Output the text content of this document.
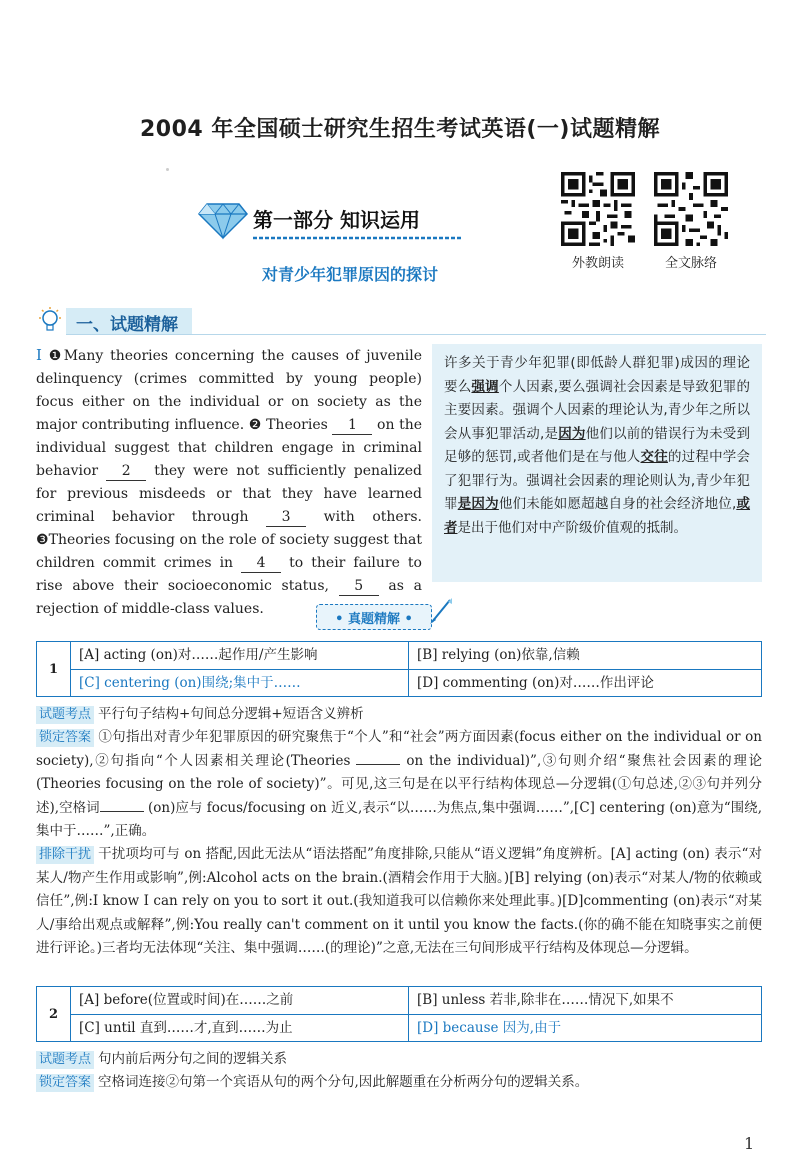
2004 年全国硕士研究生招生考试英语(一)试题精解
外教朗读	全文脉络
第一部分 知识运用
对青少年犯罪原因的探讨
一、试题精解
I ❶Many theories concerning the causes of juvenile delinquency (crimes committed by young people) focus either on the individual or on society as the major contributing influence. ❷ Theories 1 on the individual suggest that children engage in criminal behavior 2 they were not sufficiently penalized for previous misdeeds or that they have learned criminal behavior through 3 with others. ❸Theories focusing on the role of society suggest that children commit crimes in 4 to their failure to rise above their socioeconomic status, 5 as a rejection of middle-class values.
许多关于青少年犯罪(即低龄人群犯罪)成因的理论要么强调个人因素,要么强调社会因素是导致犯罪的主要因素。强调个人因素的理论认为,青少年之所以会从事犯罪活动,是因为他们以前的错误行为未受到足够的惩罚,或者他们是在与他人交往的过程中学会了犯罪行为。强调社会因素的理论则认为,青少年犯罪是因为他们未能如愿超越自身的社会经济地位,或者是出于他们对中产阶级价值观的抵制。
• 真题精解 •
1
[A] acting (on)对……起作用/产生影响	[B] relying (on)依靠,信赖
[C] centering (on)围绕;集中于……	[D] commenting (on)对……作出评论
试题考点 平行句子结构+句间总分逻辑+短语含义辨析
锁定答案 ①句指出对青少年犯罪原因的研究聚焦于“个人”和“社会”两方面因素(focus either on the individual or on society),②句指向“个人因素相关理论(Theories	on the individual)”,③句则介绍“聚焦社会因素的理论(Theories focusing on the role of society)”。可见,这三句是在以平行结构体现总—分逻辑(①句总述,②③句并列分述),空格词	(on)应与 focus/focusing on 近义,表示“以……为焦点,集中强调……”,[C] centering (on)意为“围绕,集中于……”,正确。
排除干扰 干扰项均可与 on 搭配,因此无法从“语法搭配”角度排除,只能从“语义逻辑”角度辨析。[A] acting (on) 表示“对某人/物产生作用或影响”,例:Alcohol acts on the brain.(酒精会作用于大脑。)[B] relying (on)表示“对某人/物的依赖或信任”,例:I know I can rely on you to sort it out.(我知道我可以信赖你来处理此事。)[D]commenting (on)表示“对某人/事给出观点或解释”,例:You really can't comment on it until you know the facts.(你的确不能在知晓事实之前便进行评论。)三者均无法体现“关注、集中强调……(的理论)”之意,无法在三句间形成平行结构及体现总—分逻辑。
2
[A] before(位置或时间)在……之前	[B] unless 若非,除非在……情况下,如果不
[C] until 直到……才,直到……为止	[D] because 因为,由于
试题考点 句内前后两分句之间的逻辑关系
锁定答案 空格词连接②句第一个宾语从句的两个分句,因此解题重在分析两分句的逻辑关系。
1
